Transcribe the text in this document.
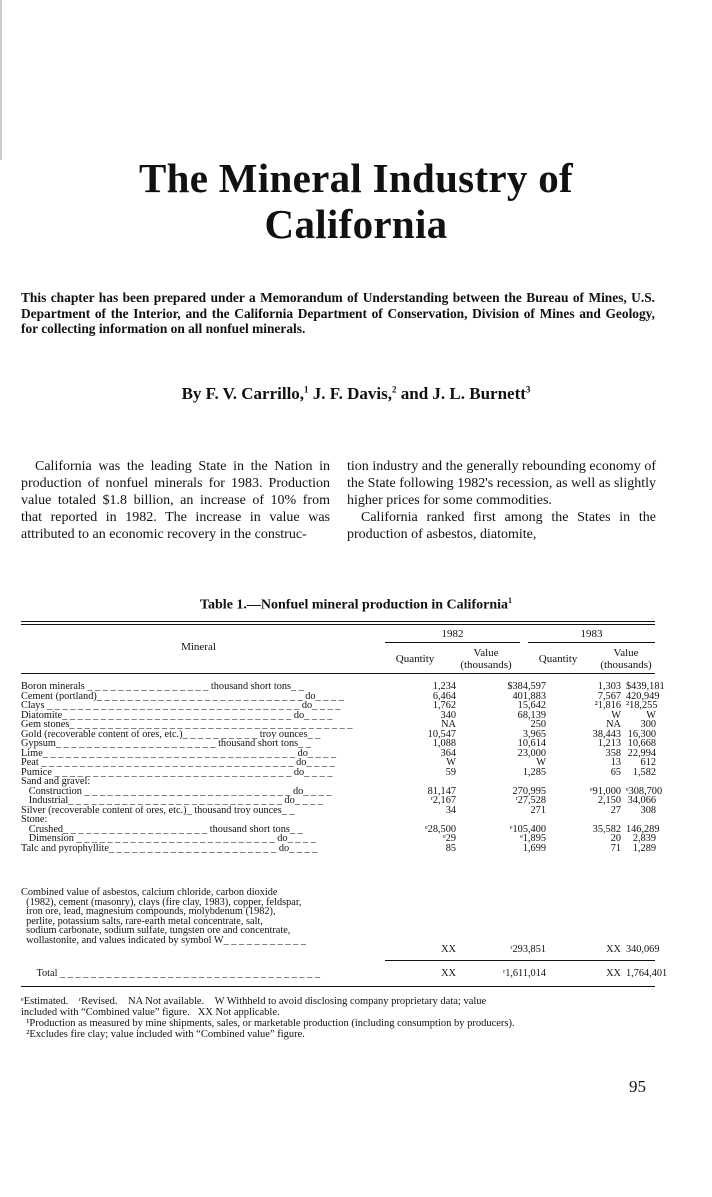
The Mineral Industry of
California
This chapter has been prepared under a Memorandum of Understanding between the Bureau of Mines, U.S. Department of the Interior, and the California Department of Conservation, Division of Mines and Geology, for collecting information on all nonfuel minerals.
By F. V. Carrillo,$^1$ J. F. Davis,$^2$ and J. L. Burnett$^3$

California was the leading State in the Nation in production of nonfuel minerals for 1983. Production value totaled $1.8 billion, an increase of 10% from that reported in 1982. The increase in value was attributed to an economic recovery in the construc-

tion industry and the generally rebounding economy of the State following 1982's recession, as well as slightly higher prices for some commodities.

California ranked first among the States in the production of asbestos, diatomite,

Table 1.—Nonfuel mineral production in California$^1$
Mineral
1982	1983
Quantity	Value
(thousands)	Quantity	Value
(thousands)
Boron minerals _ _ _ _ _ _ _ _ _ _ _ _ _ _ _ _ thousand short tons_ _	1,234	$384,597	1,303 $439,181
Cement (portland)_ _ _ _ _ _ _ _ _ _ _ _ _ _ _ _ _ _ _ _ _ _ _ _ _ _ _ do_ _ _ _	6,464	401,883	7,567 420,949
Clays _ _ _ _ _ _ _ _ _ _ _ _ _ _ _ _ _ _ _ _ _ _ _ _ _ _ _ _ _ _ _ _ _ do_ _ _ _	1,762	15,642	²1,816 ²18,255
Diatomite_ _ _ _ _ _ _ _ _ _ _ _ _ _ _ _ _ _ _ _ _ _ _ _ _ _ _ _ _ _ do_ _ _ _	340	68,139	W	W
Gem stones_ _ _ _ _ _ _ _ _ _ _ _ _ _ _ _ _ _ _ _ _ _ _ _ _ _ _ _ _ _ _ _ _ _ _ _ _	NA	250	NA	300
Gold (recoverable content of ores, etc.)_ _ _ _ _ _ _ _ _ _ troy ounces_ _	10,547	3,965	38,443 16,300
Gypsum_ _ _ _ _ _ _ _ _ _ _ _ _ _ _ _ _ _ _ _ _ thousand short tons_ _	1,088	10,614	1,213 10,668
Lime_ _ _ _ _ _ _ _ _ _ _ _ _ _ _ _ _ _ _ _ _ _ _ _ _ _ _ _ _ _ _ _ _ do_ _ _ _	364	23,000	358 22,994
Peat _ _ _ _ _ _ _ _ _ _ _ _ _ _ _ _ _ _ _ _ _ _ _ _ _ _ _ _ _ _ _ _ _ do_ _ _ _	W	W	13	612
Pumice _ _ _ _ _ _ _ _ _ _ _ _ _ _ _ _ _ _ _ _ _ _ _ _ _ _ _ _ _ _ _ do_ _ _ _	59	1,285	65	1,582
Sand and gravel:
Construction _ _ _ _ _ _ _ _ _ _ _ _ _ _ _ _ _ _ _ _ _ _ _ _ _ _ _ do_ _ _ _	81,147	270,995	ᵉ91,000 ᵉ308,700
Industrial_ _ _ _ _ _ _ _ _ _ _ _ _ _ _ _ _ _ _ _ _ _ _ _ _ _ _ _ do_ _ _ _	ʳ2,167	ʳ27,528	2,150 34,066
Silver (recoverable content of ores, etc.)_ thousand troy ounces_ _	34	271	27	308
Stone:
Crushed_ _ _ _ _ _ _ _ _ _ _ _ _ _ _ _ _ _ _ thousand short tons_ _	ᵉ28,500	ᵉ105,400	35,582 146,289
Dimension _ _ _ _ _ _ _ _ _ _ _ _ _ _ _ _ _ _ _ _ _ _ _ _ _ _ do_ _ _ _	ᵉ29	ᵉ1,895	20	2,839
Talc and pyrophyllite_ _ _ _ _ _ _ _ _ _ _ _ _ _ _ _ _ _ _ _ _ _ do_ _ _ _	85	1,699	71	1,289
Combined value of asbestos, calcium chloride, carbon dioxide
(1982), cement (masonry), clays (fire clay, 1983), copper, feldspar,
iron ore, lead, magnesium compounds, molybdenum (1982),
perlite, potassium salts, rare-earth metal concentrate, salt,
sodium carbonate, sodium sulfate, tungsten ore and concentrate,
wollastonite, and values indicated by symbol W_ _ _ _ _ _ _ _ _ _ _
XX	ʳ293,851	XX 340,069
Total _ _ _ _ _ _ _ _ _ _ _ _ _ _ _ _ _ _ _ _ _ _ _ _ _ _ _ _ _ _ _ _ _ _	XX	ʳ1,611,014	XX 1,764,401
ᵉEstimated.    ʳRevised.    NA Not available.    W Withheld to avoid disclosing company proprietary data; value
included with “Combined value” figure.   XX Not applicable.
¹Production as measured by mine shipments, sales, or marketable production (including consumption by producers).
²Excludes fire clay; value included with “Combined value” figure.
95
